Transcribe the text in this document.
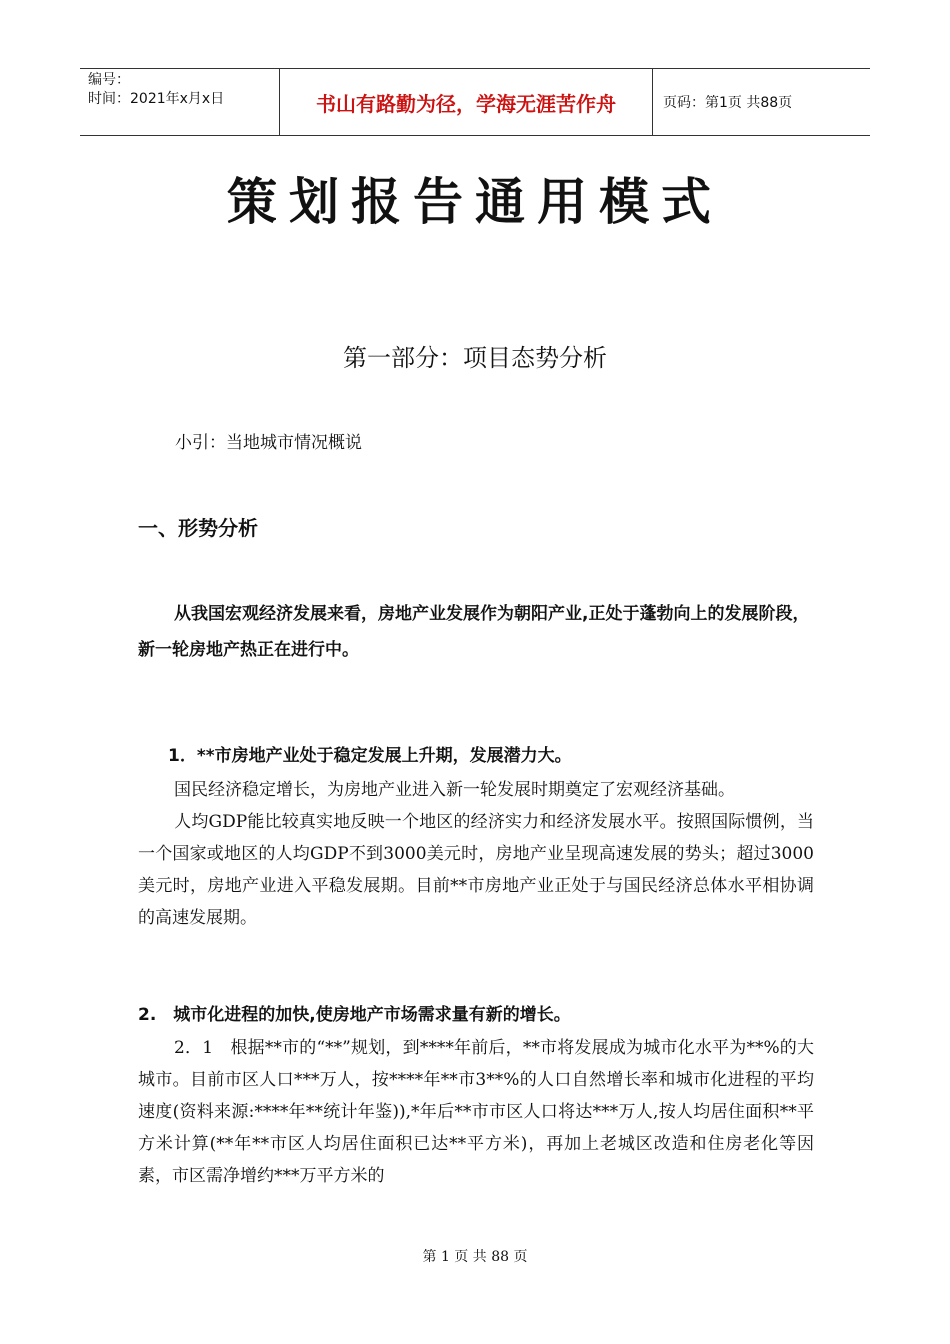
编号：
时间：2021年x月x日	书山有路勤为径，学海无涯苦作舟	页码：第1页 共88页
策划报告通用模式
第一部分：项目态势分析
小引：当地城市情况概说
一、形势分析
从我国宏观经济发展来看，房地产业发展作为朝阳产业,正处于蓬勃向上的发展阶段，新一轮房地产热正在进行中。
1．**市房地产业处于稳定发展上升期，发展潜力大。

国民经济稳定增长，为房地产业进入新一轮发展时期奠定了宏观经济基础。

人均GDP能比较真实地反映一个地区的经济实力和经济发展水平。按照国际惯例，当一个国家或地区的人均GDP不到3000美元时，房地产业呈现高速发展的势头；超过3000美元时，房地产业进入平稳发展期。目前**市房地产业正处于与国民经济总体水平相协调的高速发展期。

2.　城市化进程的加快,使房地产市场需求量有新的增长。

2．1　根据**市的“**”规划，到****年前后，**市将发展成为城市化水平为**%的大城市。目前市区人口***万人，按****年**市3**%的人口自然增长率和城市化进程的平均速度(资料来源:****年**统计年鉴)),*年后**市市区人口将达***万人,按人均居住面积**平方米计算(**年**市区人均居住面积已达**平方米)，再加上老城区改造和住房老化等因素，市区需净增约***万平方米的

第 1 页 共 88 页
